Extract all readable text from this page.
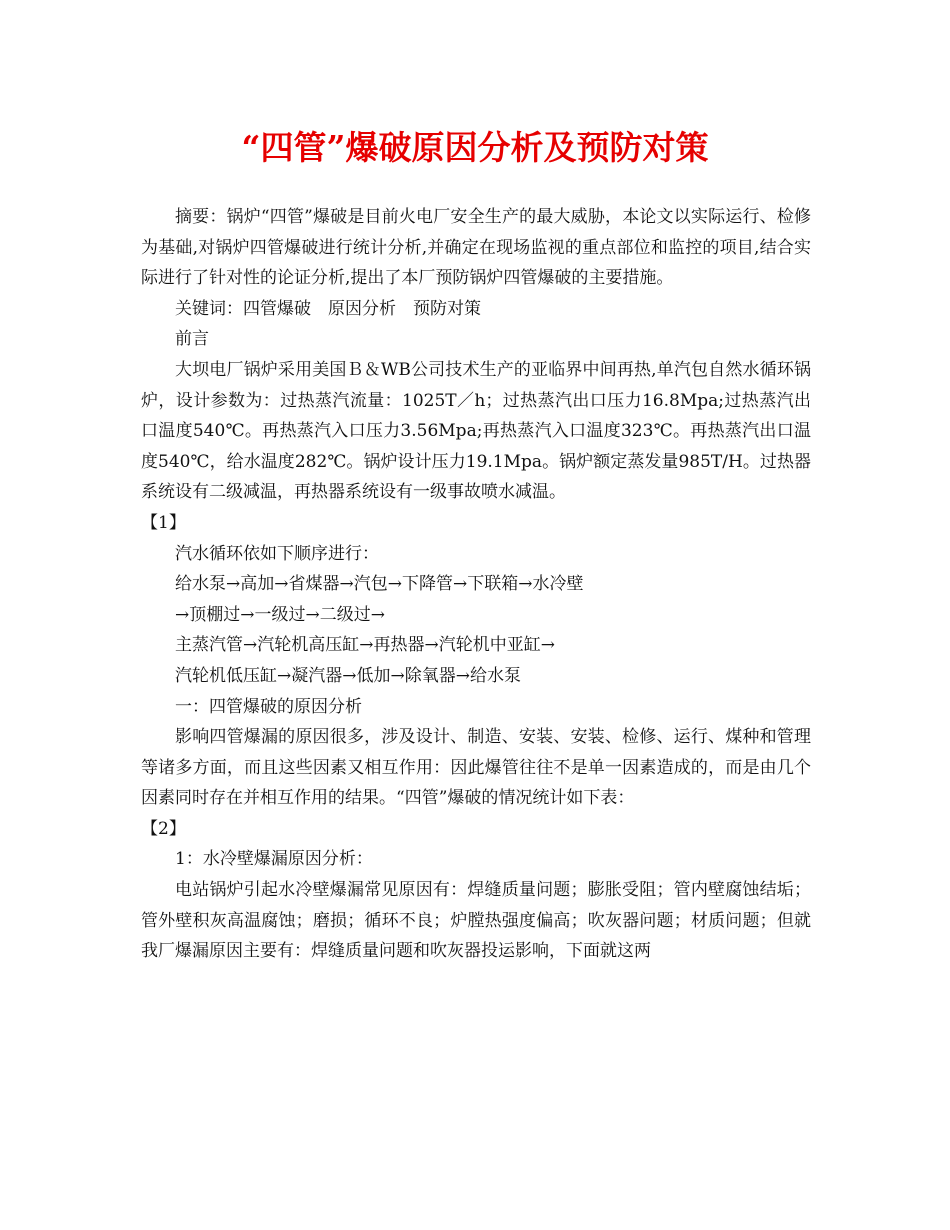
“四管”爆破原因分析及预防对策

摘要：锅炉“四管”爆破是目前火电厂安全生产的最大威胁，本论文以实际运行、检修为基础,对锅炉四管爆破进行统计分析,并确定在现场监视的重点部位和监控的项目,结合实际进行了针对性的论证分析,提出了本厂预防锅炉四管爆破的主要措施。

关键词：四管爆破　原因分析　预防对策

前言

大坝电厂锅炉采用美国Ｂ＆WB公司技术生产的亚临界中间再热,单汽包自然水循环锅炉，设计参数为：过热蒸汽流量：1025T／h；过热蒸汽出口压力16.8Mpa;过热蒸汽出口温度540℃。再热蒸汽入口压力3.56Mpa;再热蒸汽入口温度323℃。再热蒸汽出口温度540℃，给水温度282℃。锅炉设计压力19.1Mpa。锅炉额定蒸发量985T/H。过热器系统设有二级减温，再热器系统设有一级事故喷水减温。

【1】

汽水循环依如下顺序进行：

给水泵→高加→省煤器→汽包→下降管→下联箱→水冷壁

→顶棚过→一级过→二级过→

主蒸汽管→汽轮机高压缸→再热器→汽轮机中亚缸→

汽轮机低压缸→凝汽器→低加→除氧器→给水泵

一：四管爆破的原因分析

影响四管爆漏的原因很多，涉及设计、制造、安装、安装、检修、运行、煤种和管理等诸多方面，而且这些因素又相互作用：因此爆管往往不是单一因素造成的，而是由几个因素同时存在并相互作用的结果。“四管”爆破的情况统计如下表：

【2】

1：水冷壁爆漏原因分析：

电站锅炉引起水冷壁爆漏常见原因有：焊缝质量问题；膨胀受阻；管内壁腐蚀结垢；管外壁积灰高温腐蚀；磨损；循环不良；炉膛热强度偏高；吹灰器问题；材质问题；但就我厂爆漏原因主要有：焊缝质量问题和吹灰器投运影响，下面就这两
